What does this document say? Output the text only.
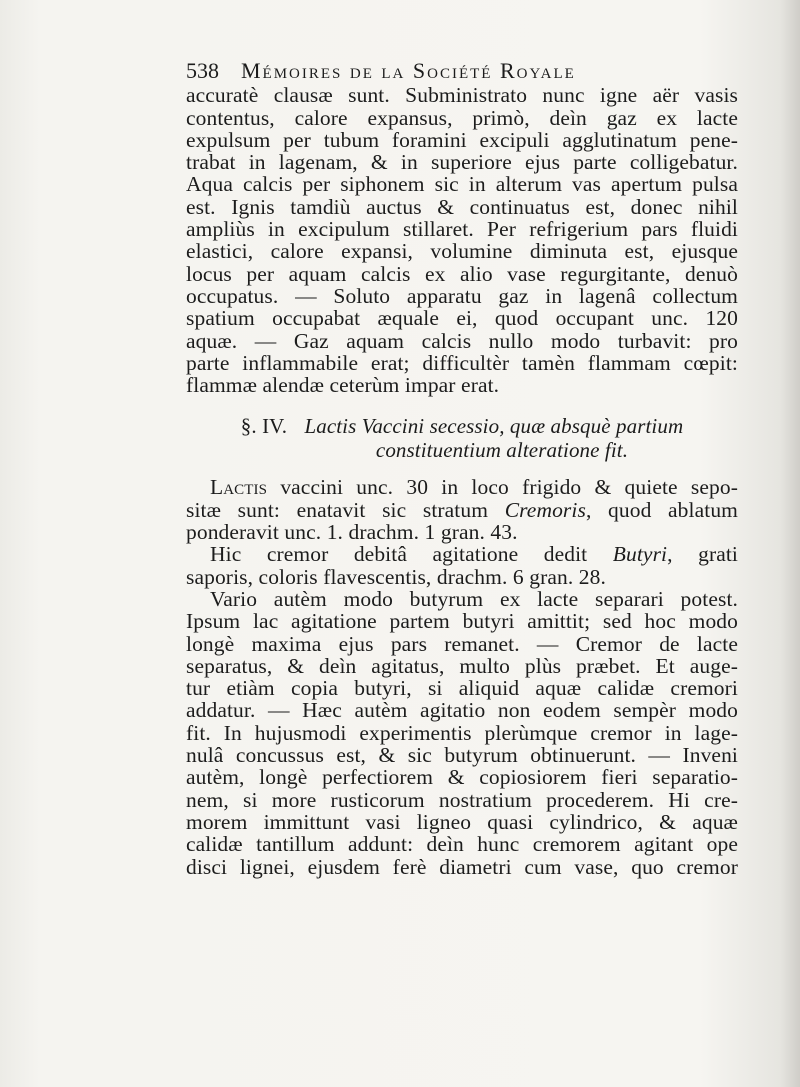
538 Mémoires de la Société Royale
accuratè clausæ sunt. Subministrato nunc igne aër vasis
contentus, calore expansus, primò, deìn gaz ex lacte
expulsum per tubum foramini excipuli agglutinatum pene-
trabat in lagenam, & in superiore ejus parte colligebatur.
Aqua calcis per siphonem sic in alterum vas apertum pulsa
est. Ignis tamdiù auctus & continuatus est, donec nihil
ampliùs in excipulum stillaret. Per refrigerium pars fluidi
elastici, calore expansi, volumine diminuta est, ejusque
locus per aquam calcis ex alio vase regurgitante, denuò
occupatus. — Soluto apparatu gaz in lagenâ collectum
spatium occupabat æquale ei, quod occupant unc. 120
aquæ. — Gaz aquam calcis nullo modo turbavit: pro
parte inflammabile erat; difficultèr tamèn flammam cœpit:
flammæ alendæ ceterùm impar erat.
§. IV. Lactis Vaccini secessio, quæ absquè partium
constituentium alteratione fit.
Lactis vaccini unc. 30 in loco frigido & quiete sepo-
sitæ sunt: enatavit sic stratum Cremoris, quod ablatum
ponderavit unc. 1. drachm. 1 gran. 43.
Hic cremor debitâ agitatione dedit Butyri, grati
saporis, coloris flavescentis, drachm. 6 gran. 28.
Vario autèm modo butyrum ex lacte separari potest.
Ipsum lac agitatione partem butyri amittit; sed hoc modo
longè maxima ejus pars remanet. — Cremor de lacte
separatus, & deìn agitatus, multo plùs præbet. Et auge-
tur etiàm copia butyri, si aliquid aquæ calidæ cremori
addatur. — Hæc autèm agitatio non eodem sempèr modo
fit. In hujusmodi experimentis plerùmque cremor in lage-
nulâ concussus est, & sic butyrum obtinuerunt. — Inveni
autèm, longè perfectiorem & copiosiorem fieri separatio-
nem, si more rusticorum nostratium procederem. Hi cre-
morem immittunt vasi ligneo quasi cylindrico, & aquæ
calidæ tantillum addunt: deìn hunc cremorem agitant ope
disci lignei, ejusdem ferè diametri cum vase, quo cremor
